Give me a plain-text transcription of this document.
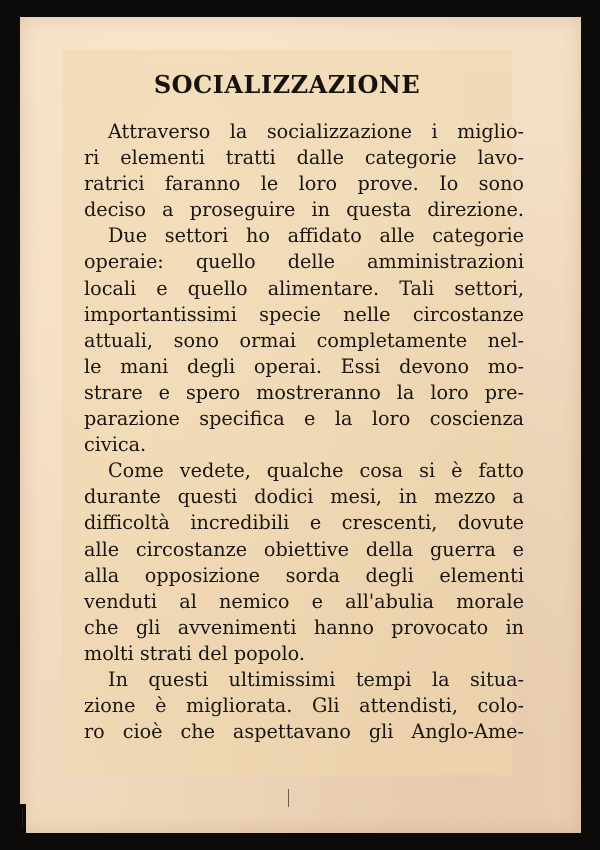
SOCIALIZZAZIONE
Attraverso la socializzazione i miglio-
ri elementi tratti dalle categorie lavo-
ratrici faranno le loro prove. Io sono
deciso a proseguire in questa direzione.
Due settori ho affidato alle categorie
operaie: quello delle amministrazioni
locali e quello alimentare. Tali settori,
importantissimi specie nelle circostanze
attuali, sono ormai completamente nel-
le mani degli operai. Essi devono mo-
strare e spero mostreranno la loro pre-
parazione specifica e la loro coscienza
civica.
Come vedete, qualche cosa si è fatto
durante questi dodici mesi, in mezzo a
difficoltà incredibili e crescenti, dovute
alle circostanze obiettive della guerra e
alla opposizione sorda degli elementi
venduti al nemico e all'abulia morale
che gli avvenimenti hanno provocato in
molti strati del popolo.
In questi ultimissimi tempi la situa-
zione è migliorata. Gli attendisti, colo-
ro cioè che aspettavano gli Anglo-Ame-
